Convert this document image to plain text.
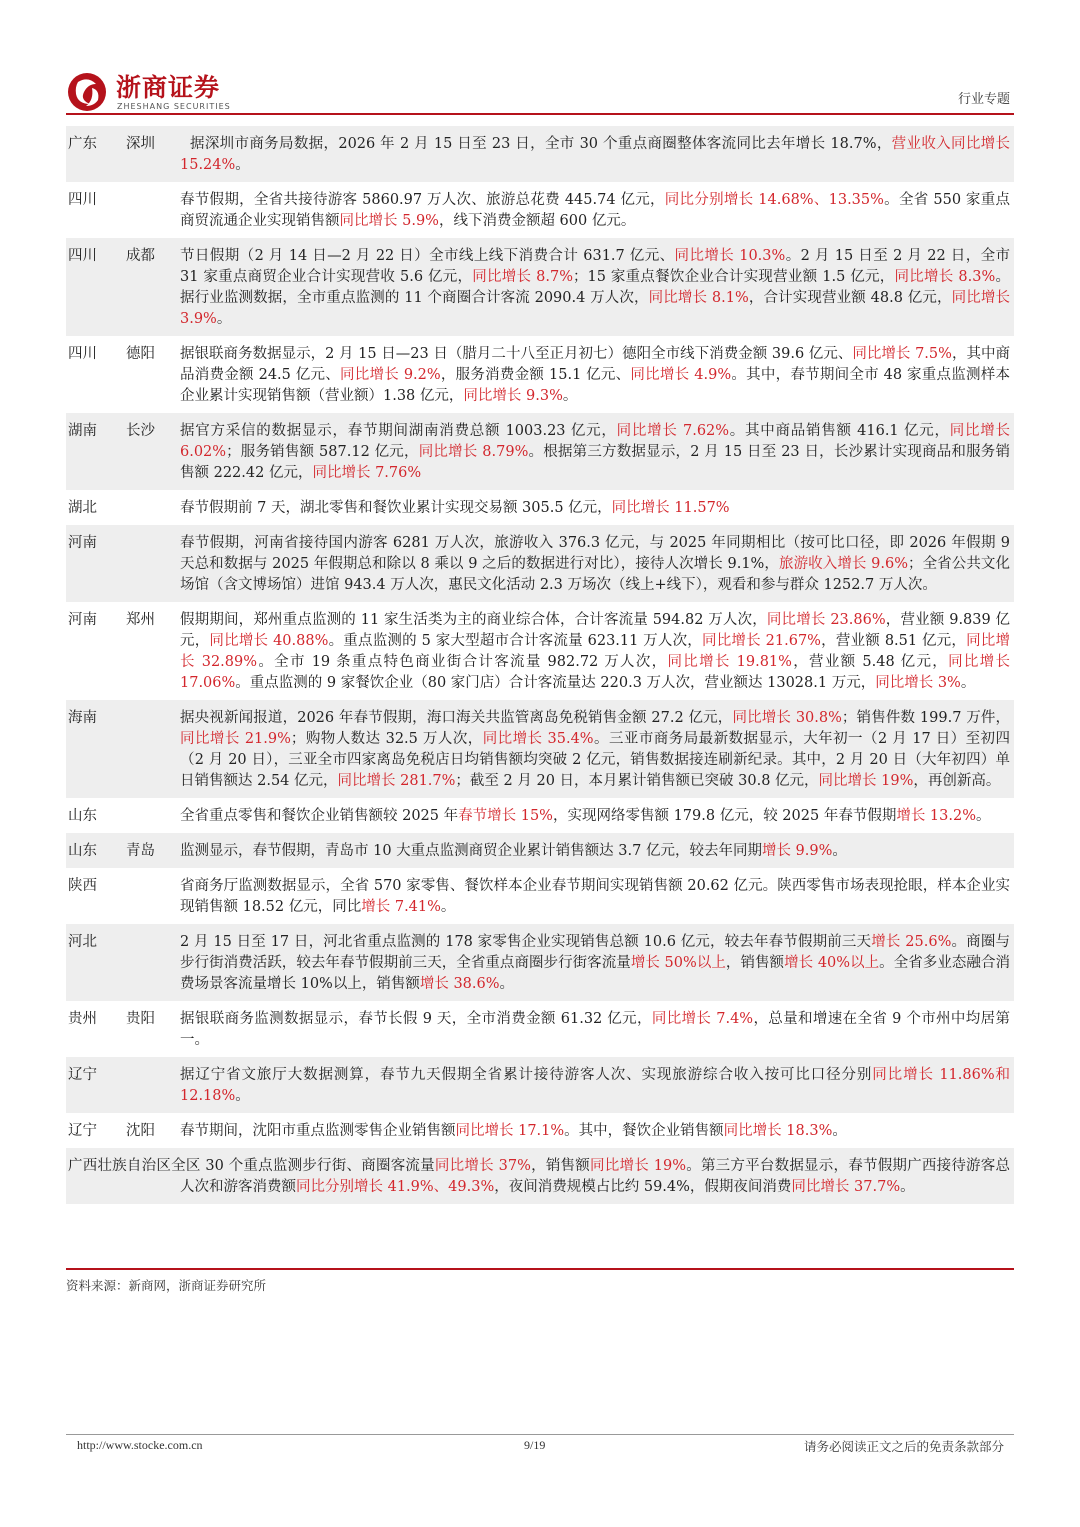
浙商证券
ZHESHANG SECURITIES	行业专题
广东	深圳	据深圳市商务局数据，2026 年 2 月 15 日至 23 日，全市 30 个重点商圈整体客流同比去年增长 18.7%，营业收入同比增长 15.24%。
四川	春节假期，全省共接待游客 5860.97 万人次、旅游总花费 445.74 亿元，同比分别增长 14.68%、13.35%。全省 550 家重点商贸流通企业实现销售额同比增长 5.9%，线下消费金额超 600 亿元。
四川	成都	节日假期（2 月 14 日—2 月 22 日）全市线上线下消费合计 631.7 亿元、同比增长 10.3%。2 月 15 日至 2 月 22 日，全市 31 家重点商贸企业合计实现营收 5.6 亿元，同比增长 8.7%；15 家重点餐饮企业合计实现营业额 1.5 亿元，同比增长 8.3%。据行业监测数据，全市重点监测的 11 个商圈合计客流 2090.4 万人次，同比增长 8.1%，合计实现营业额 48.8 亿元，同比增长 3.9%。
四川	德阳	据银联商务数据显示，2 月 15 日—23 日（腊月二十八至正月初七）德阳全市线下消费金额 39.6 亿元、同比增长 7.5%，其中商品消费金额 24.5 亿元、同比增长 9.2%，服务消费金额 15.1 亿元、同比增长 4.9%。其中，春节期间全市 48 家重点监测样本企业累计实现销售额（营业额）1.38 亿元，同比增长 9.3%。
湖南	长沙	据官方采信的数据显示，春节期间湖南消费总额 1003.23 亿元，同比增长 7.62%。其中商品销售额 416.1 亿元，同比增长 6.02%；服务销售额 587.12 亿元，同比增长 8.79%。根据第三方数据显示，2 月 15 日至 23 日，长沙累计实现商品和服务销售额 222.42 亿元，同比增长 7.76%
湖北	春节假期前 7 天，湖北零售和餐饮业累计实现交易额 305.5 亿元，同比增长 11.57%
河南	春节假期，河南省接待国内游客 6281 万人次，旅游收入 376.3 亿元，与 2025 年同期相比（按可比口径，即 2026 年假期 9 天总和数据与 2025 年假期总和除以 8 乘以 9 之后的数据进行对比），接待人次增长 9.1%，旅游收入增长 9.6%；全省公共文化场馆（含文博场馆）进馆 943.4 万人次，惠民文化活动 2.3 万场次（线上+线下），观看和参与群众 1252.7 万人次。
河南	郑州	假期期间，郑州重点监测的 11 家生活类为主的商业综合体，合计客流量 594.82 万人次，同比增长 23.86%，营业额 9.839 亿元，同比增长 40.88%。重点监测的 5 家大型超市合计客流量 623.11 万人次，同比增长 21.67%，营业额 8.51 亿元，同比增长 32.89%。全市 19 条重点特色商业街合计客流量 982.72 万人次，同比增长 19.81%，营业额 5.48 亿元，同比增长 17.06%。重点监测的 9 家餐饮企业（80 家门店）合计客流量达 220.3 万人次，营业额达 13028.1 万元，同比增长 3%。
海南	据央视新闻报道，2026 年春节假期，海口海关共监管离岛免税销售金额 27.2 亿元，同比增长 30.8%；销售件数 199.7 万件，同比增长 21.9%；购物人数达 32.5 万人次，同比增长 35.4%。三亚市商务局最新数据显示，大年初一（2 月 17 日）至初四（2 月 20 日），三亚全市四家离岛免税店日均销售额均突破 2 亿元，销售数据接连刷新纪录。其中，2 月 20 日（大年初四）单日销售额达 2.54 亿元，同比增长 281.7%；截至 2 月 20 日，本月累计销售额已突破 30.8 亿元，同比增长 19%，再创新高。
山东	全省重点零售和餐饮企业销售额较 2025 年春节增长 15%，实现网络零售额 179.8 亿元，较 2025 年春节假期增长 13.2%。
山东	青岛	监测显示，春节假期，青岛市 10 大重点监测商贸企业累计销售额达 3.7 亿元，较去年同期增长 9.9%。
陕西	省商务厅监测数据显示，全省 570 家零售、餐饮样本企业春节期间实现销售额 20.62 亿元。陕西零售市场表现抢眼，样本企业实现销售额 18.52 亿元，同比增长 7.41%。
河北	2 月 15 日至 17 日，河北省重点监测的 178 家零售企业实现销售总额 10.6 亿元，较去年春节假期前三天增长 25.6%。商圈与步行街消费活跃，较去年春节假期前三天，全省重点商圈步行街客流量增长 50%以上，销售额增长 40%以上。全省多业态融合消费场景客流量增长 10%以上，销售额增长 38.6%。
贵州	贵阳	据银联商务监测数据显示，春节长假 9 天，全市消费金额 61.32 亿元，同比增长 7.4%，总量和增速在全省 9 个市州中均居第一。
辽宁	据辽宁省文旅厅大数据测算，春节九天假期全省累计接待游客人次、实现旅游综合收入按可比口径分别同比增长 11.86%和 12.18%。
辽宁	沈阳	春节期间，沈阳市重点监测零售企业销售额同比增长 17.1%。其中，餐饮企业销售额同比增长 18.3%。
广西壮族自治区全区 30 个重点监测步行街、商圈客流量同比增长 37%，销售额同比增长 19%。第三方平台数据显示，春节假期广西接待游客总人次和游客消费额同比分别增长 41.9%、49.3%，夜间消费规模占比约 59.4%，假期夜间消费同比增长 37.7%。
资料来源：新商网，浙商证券研究所
http://www.stocke.com.cn	9/19	请务必阅读正文之后的免责条款部分
